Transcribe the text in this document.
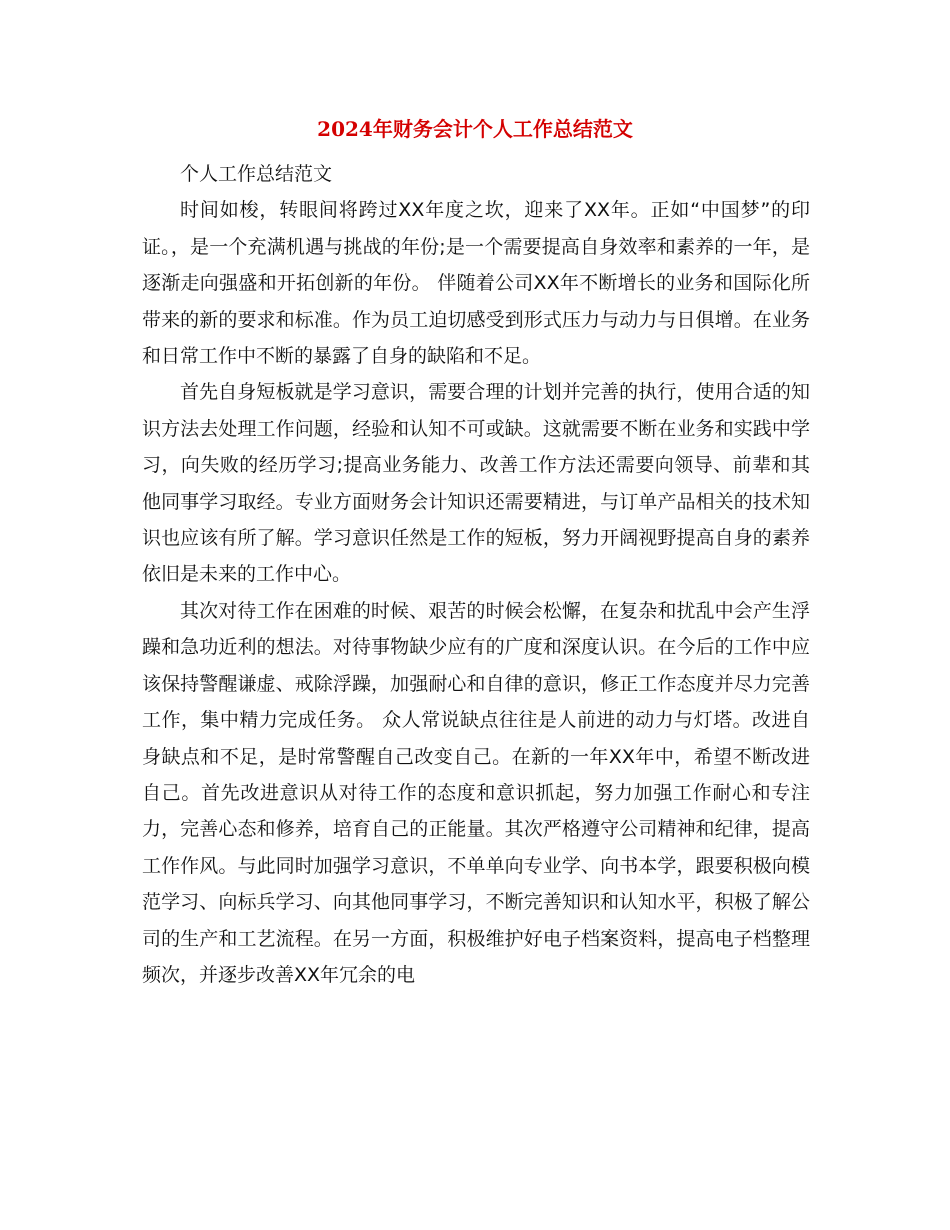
2024年财务会计个人工作总结范文

个人工作总结范文

时间如梭，转眼间将跨过XX年度之坎，迎来了XX年。正如“中国梦”的印证。，是一个充满机遇与挑战的年份;是一个需要提高自身效率和素养的一年，是逐渐走向强盛和开拓创新的年份。 伴随着公司XX年不断增长的业务和国际化所带来的新的要求和标准。作为员工迫切感受到形式压力与动力与日俱增。在业务和日常工作中不断的暴露了自身的缺陷和不足。

首先自身短板就是学习意识，需要合理的计划并完善的执行，使用合适的知识方法去处理工作问题，经验和认知不可或缺。这就需要不断在业务和实践中学习，向失败的经历学习;提高业务能力、改善工作方法还需要向领导、前辈和其他同事学习取经。专业方面财务会计知识还需要精进，与订单产品相关的技术知识也应该有所了解。学习意识任然是工作的短板，努力开阔视野提高自身的素养依旧是未来的工作中心。

其次对待工作在困难的时候、艰苦的时候会松懈，在复杂和扰乱中会产生浮躁和急功近利的想法。对待事物缺少应有的广度和深度认识。在今后的工作中应该保持警醒谦虚、戒除浮躁，加强耐心和自律的意识，修正工作态度并尽力完善工作，集中精力完成任务。 众人常说缺点往往是人前进的动力与灯塔。改进自身缺点和不足，是时常警醒自己改变自己。在新的一年XX年中，希望不断改进自己。首先改进意识从对待工作的态度和意识抓起，努力加强工作耐心和专注力，完善心态和修养，培育自己的正能量。其次严格遵守公司精神和纪律，提高工作作风。与此同时加强学习意识，不单单向专业学、向书本学，跟要积极向模范学习、向标兵学习、向其他同事学习，不断完善知识和认知水平，积极了解公司的生产和工艺流程。在另一方面，积极维护好电子档案资料，提高电子档整理频次，并逐步改善XX年冗余的电
